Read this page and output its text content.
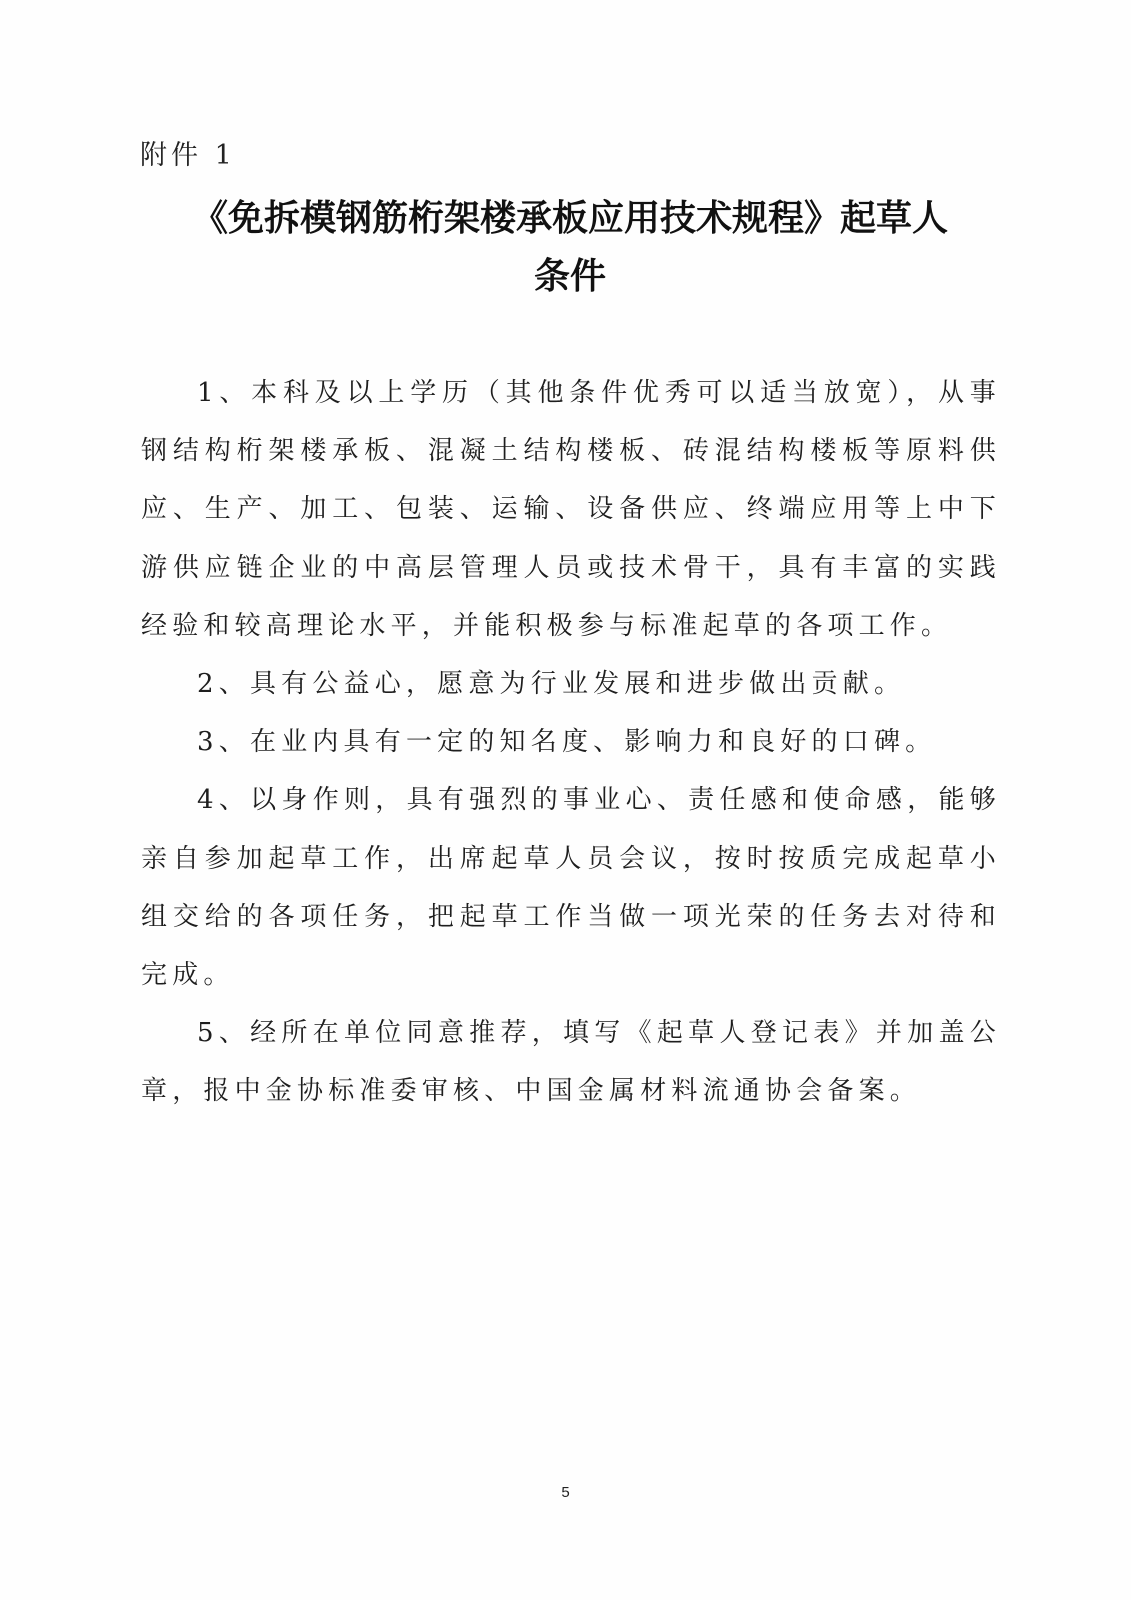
附件 1
《免拆模钢筋桁架楼承板应用技术规程》起草人
条件

1、本科及以上学历（其他条件优秀可以适当放宽），从事钢结构桁架楼承板、混凝土结构楼板、砖混结构楼板等原料供应、生产、加工、包装、运输、设备供应、终端应用等上中下游供应链企业的中高层管理人员或技术骨干，具有丰富的实践经验和较高理论水平，并能积极参与标准起草的各项工作。

2、具有公益心，愿意为行业发展和进步做出贡献。

3、在业内具有一定的知名度、影响力和良好的口碑。

4、以身作则，具有强烈的事业心、责任感和使命感，能够亲自参加起草工作，出席起草人员会议，按时按质完成起草小组交给的各项任务，把起草工作当做一项光荣的任务去对待和完成。

5、经所在单位同意推荐，填写《起草人登记表》并加盖公章，报中金协标准委审核、中国金属材料流通协会备案。

5
